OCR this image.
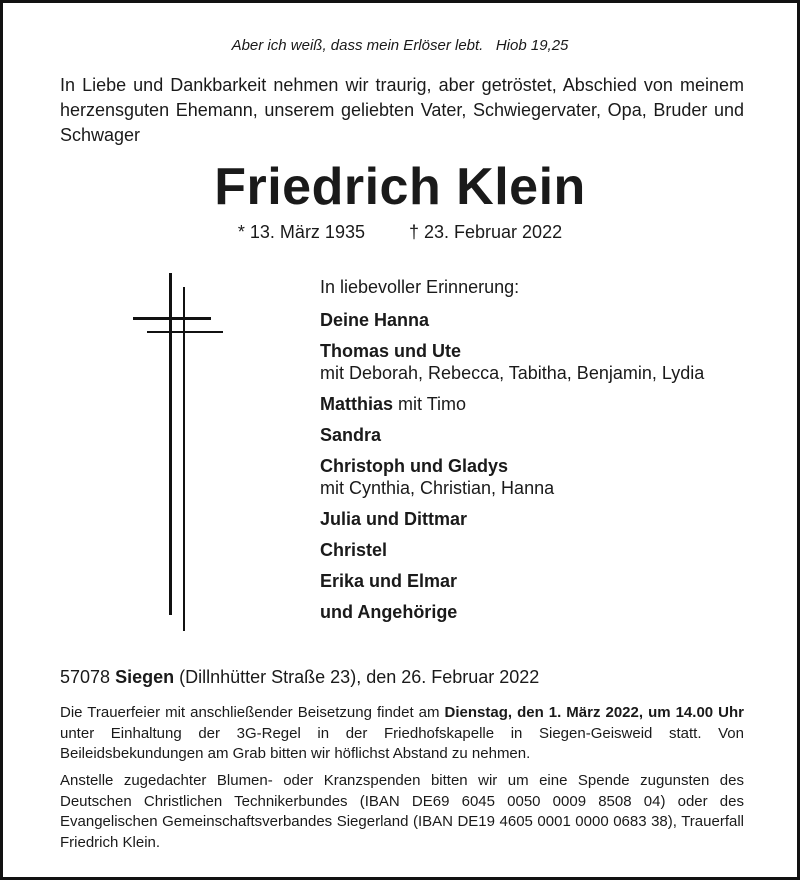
Aber ich weiß, dass mein Erlöser lebt.   Hiob 19,25
In Liebe und Dankbarkeit nehmen wir traurig, aber getröstet, Abschied von meinem herzensguten Ehemann, unserem geliebten Vater, Schwiegervater, Opa, Bruder und Schwager
Friedrich Klein
* 13. März 1935 † 23. Februar 2022
In liebevoller Erinnerung:
Deine Hanna
Thomas und Ute
mit Deborah, Rebecca, Tabitha, Benjamin, Lydia
Matthias mit Timo
Sandra
Christoph und Gladys
mit Cynthia, Christian, Hanna
Julia und Dittmar
Christel
Erika und Elmar
und Angehörige
57078 Siegen (Dillnhütter Straße 23), den 26. Februar 2022
Die Trauerfeier mit anschließender Beisetzung findet am Dienstag, den 1. März 2022, um 14.00 Uhr unter Einhaltung der 3G-Regel in der Friedhofskapelle in Siegen-Geisweid statt. Von Beileidsbekundungen am Grab bitten wir höflichst Abstand zu nehmen.
Anstelle zugedachter Blumen- oder Kranzspenden bitten wir um eine Spende zugunsten des Deutschen Christlichen Technikerbundes (IBAN DE69 6045 0050 0009 8508 04) oder des Evangelischen Gemeinschaftsverbandes Siegerland (IBAN DE19 4605 0001 0000 0683 38), Trauerfall Friedrich Klein.
